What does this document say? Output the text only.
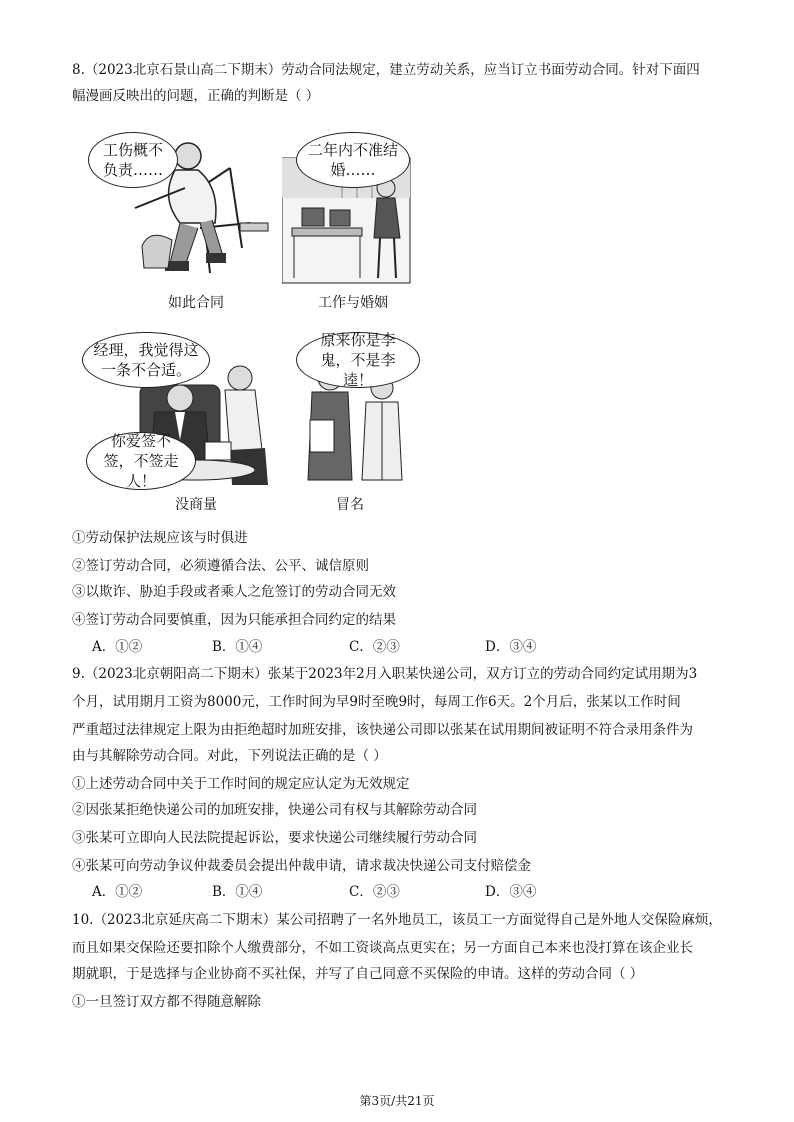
8.（2023北京石景山高二下期末）劳动合同法规定，建立劳动关系，应当订立书面劳动合同。针对下面四
幅漫画反映出的问题，正确的判断是（ ）
工伤概不负责……
如此合同
二年内不准结婚……
工作与婚姻
经理，我觉得这一条不合适。
你爱签不签，不签走人！
没商量
原来你是李鬼，不是李逵！
冒名
①劳动保护法规应该与时俱进
②签订劳动合同，必须遵循合法、公平、诚信原则
③以欺诈、胁迫手段或者乘人之危签订的劳动合同无效
④签订劳动合同要慎重，因为只能承担合同约定的结果
A．①②	B．①④	C．②③	D．③④
9.（2023北京朝阳高二下期末）张某于2023年2月入职某快递公司，双方订立的劳动合同约定试用期为3
个月，试用期月工资为8000元，工作时间为早9时至晚9时，每周工作6天。2个月后，张某以工作时间
严重超过法律规定上限为由拒绝超时加班安排，该快递公司即以张某在试用期间被证明不符合录用条件为
由与其解除劳动合同。对此，下列说法正确的是（ ）
①上述劳动合同中关于工作时间的规定应认定为无效规定
②因张某拒绝快递公司的加班安排，快递公司有权与其解除劳动合同
③张某可立即向人民法院提起诉讼，要求快递公司继续履行劳动合同
④张某可向劳动争议仲裁委员会提出仲裁申请，请求裁决快递公司支付赔偿金
A．①②	B．①④	C．②③	D．③④
10.（2023北京延庆高二下期末）某公司招聘了一名外地员工，该员工一方面觉得自己是外地人交保险麻烦，
而且如果交保险还要扣除个人缴费部分，不如工资谈高点更实在；另一方面自己本来也没打算在该企业长
期就职，于是选择与企业协商不买社保，并写了自己同意不买保险的申请。这样的劳动合同（ ）
①一旦签订双方都不得随意解除
第3页/共21页
